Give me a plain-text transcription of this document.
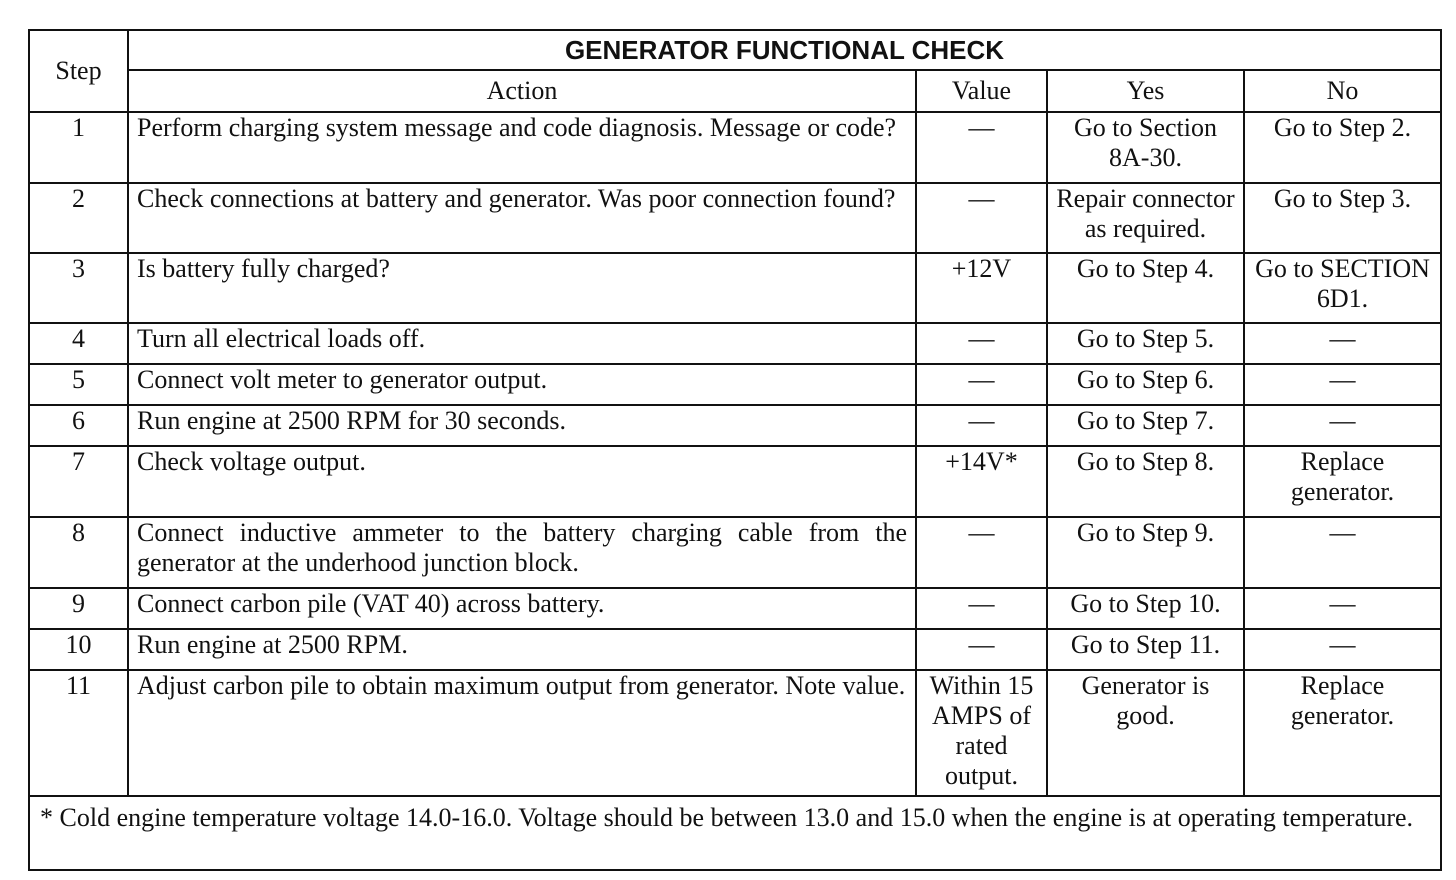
Step	GENERATOR FUNCTIONAL CHECK			
	Action	Value	Yes	No
1	Perform charging system message and code diagnosis. Message or code?	—	Go to Section 8A-30.	Go to Step 2.
2	Check connections at battery and generator. Was poor connection found?	—	Repair connector as required.	Go to Step 3.
3	Is battery fully charged?	+12V	Go to Step 4.	Go to SECTION 6D1.
4	Turn all electrical loads off.	—	Go to Step 5.	—
5	Connect volt meter to generator output.	—	Go to Step 6.	—
6	Run engine at 2500 RPM for 30 seconds.	—	Go to Step 7.	—
7	Check voltage output.	+14V*	Go to Step 8.	Replace generator.
8	Connect inductive ammeter to the battery charging cable from the generator at the underhood junction block.	—	Go to Step 9.	—
9	Connect carbon pile (VAT 40) across battery.	—	Go to Step 10.	—
10	Run engine at 2500 RPM.	—	Go to Step 11.	—
11	Adjust carbon pile to obtain maximum output from generator. Note value.	Within 15 AMPS of rated output.	Generator is good.	Replace generator.
* Cold engine temperature voltage 14.0-16.0. Voltage should be between 13.0 and 15.0 when the engine is at operating temperature.				
